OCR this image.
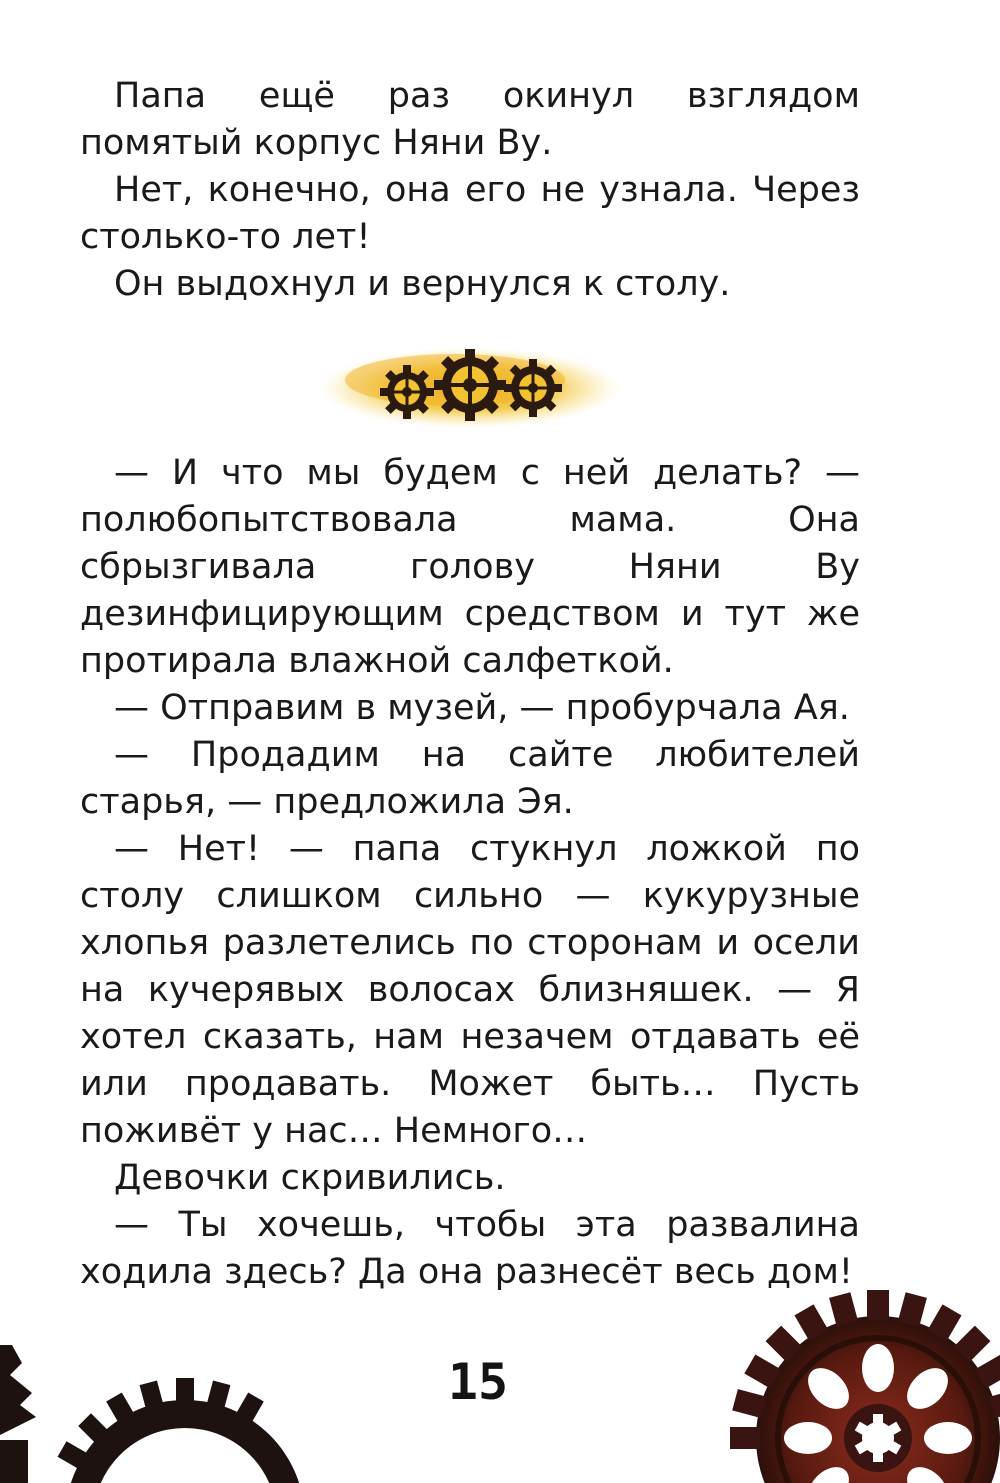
Папа ещё раз окинул взглядом помятый корпус Няни Ву.

Нет, конечно, она его не узнала. Через столько-то лет!

Он выдохнул и вернулся к столу.

— И что мы будем с ней делать? — полюбопытствовала мама. Она сбрызгивала голову Няни Ву дезинфицирующим средством и тут же протирала влажной салфеткой.

— Отправим в музей, — пробурчала Ая.

— Продадим на сайте любителей старья, — предложила Эя.

— Нет! — папа стукнул ложкой по столу слишком сильно — кукурузные хлопья разлетелись по сторонам и осели на кучерявых волосах близняшек. — Я хотел сказать, нам незачем отдавать её или продавать. Может быть… Пусть поживёт у нас… Немного…

Девочки скривились.

— Ты хочешь, чтобы эта развалина ходила здесь? Да она разнесёт весь дом!

15
